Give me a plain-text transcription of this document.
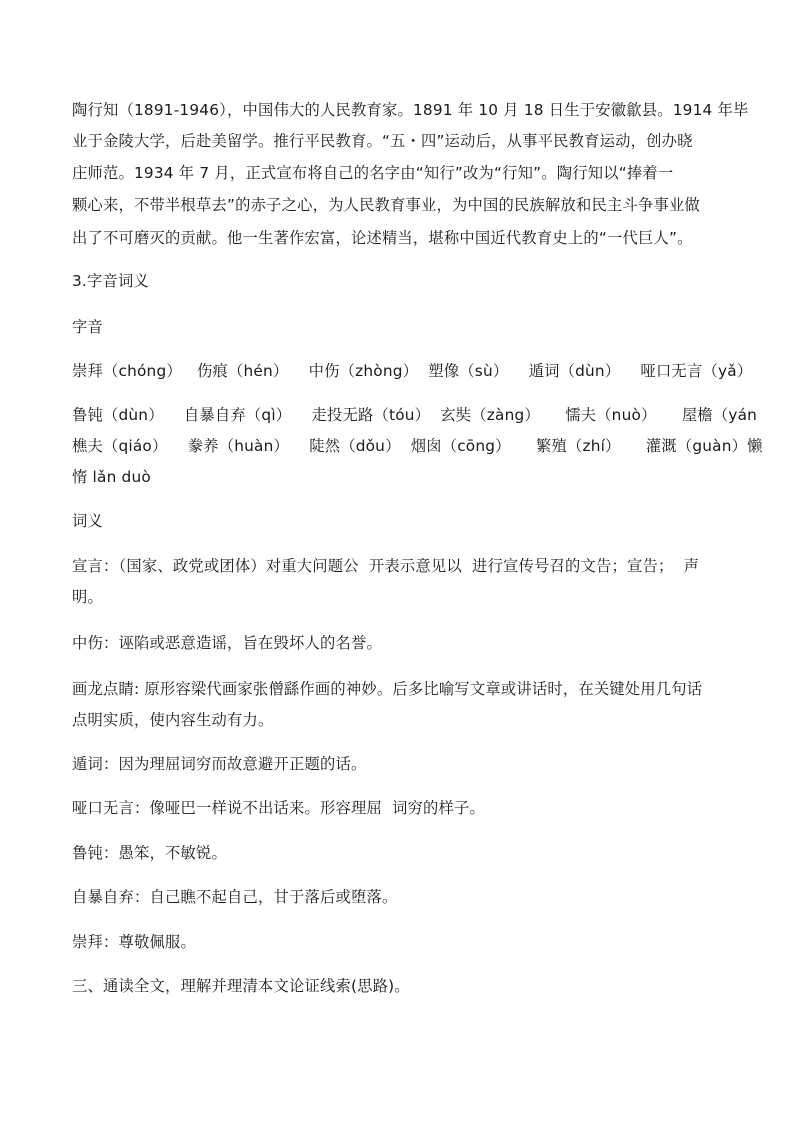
陶行知（1891-1946），中国伟大的人民教育家。1891 年 10 月 18 日生于安徽歙县。1914 年毕
业于金陵大学，后赴美留学。推行平民教育。“五・四”运动后，从事平民教育运动，创办晓
庄师范。1934 年 7 月，正式宣布将自己的名字由“知行”改为“行知”。陶行知以“捧着一
颗心来，不带半根草去”的赤子之心，为人民教育事业，为中国的民族解放和民主斗争事业做
出了不可磨灭的贡献。他一生著作宏富，论述精当，堪称中国近代教育史上的“一代巨人”。
3.字音词义
字音
崇拜（chóng）   伤痕（hén）    中伤（zhòng）  塑像（sù）    遁词（dùn）    哑口无言（yǎ）
鲁钝（dùn）    自暴自弃（qì）    走投无路（tóu）  玄奘（zàng）     懦夫（nuò）     屋檐（yán
樵夫（qiáo）    豢养（huàn）    陡然（dǒu）  烟囱（cōng）     繁殖（zhí）     灌溉（guàn）懒
惰 lǎn duò
词义
宣言：（国家、政党或团体）对重大问题公  开表示意见以  进行宣传号召的文告；宣告；  声
明。
中伤：诬陷或恶意造谣，旨在毁坏人的名誉。
画龙点睛: 原形容梁代画家张僧繇作画的神妙。后多比喻写文章或讲话时，在关键处用几句话
点明实质，使内容生动有力。
遁词：因为理屈词穷而故意避开正题的话。
哑口无言：像哑巴一样说不出话来。形容理屈  词穷的样子。
鲁钝：愚笨，不敏锐。
自暴自弃：自己瞧不起自己，甘于落后或堕落。
崇拜：尊敬佩服。
三、通读全文，理解并理清本文论证线索(思路)。
